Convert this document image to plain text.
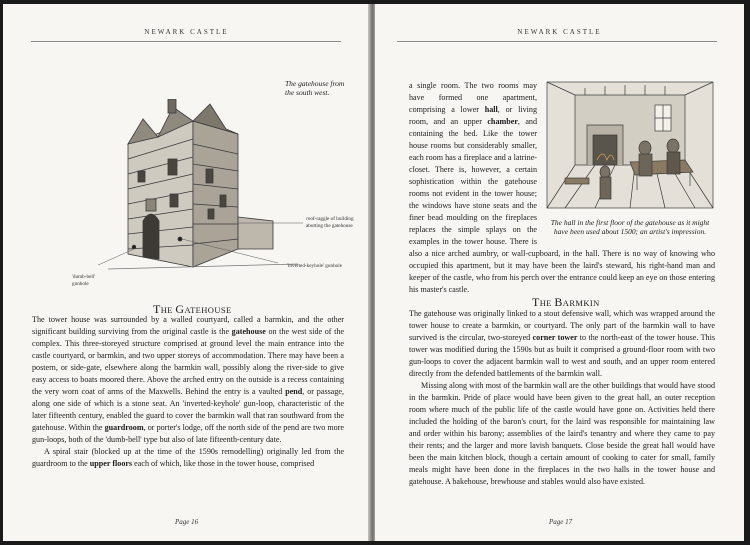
NEWARK CASTLE
The gatehouse from the south west.
roof-raggle of building abutting the gatehouse
'inverted-keyhole' gunhole
'dumb-bell' gunhole
THE GATEHOUSE

The tower house was surrounded by a walled courtyard, called a barmkin, and the other significant building surviving from the original castle is the gatehouse on the west side of the complex. This three-storeyed structure comprised at ground level the main entrance into the castle courtyard, or barmkin, and two upper storeys of accommodation. There may have been a postern, or side-gate, elsewhere along the barmkin wall, possibly along the river-side to give easy access to boats moored there. Above the arched entry on the outside is a recess containing the very worn coat of arms of the Maxwells. Behind the entry is a vaulted pend, or passage, along one side of which is a stone seat. An 'inverted-keyhole' gun-loop, characteristic of the later fifteenth century, enabled the guard to cover the barmkin wall that ran southward from the gatehouse. Within the guardroom, or porter's lodge, off the north side of the pend are two more gun-loops, both of the 'dumb-bell' type but also of late fifteenth-century date.

A spiral stair (blocked up at the time of the 1590s remodelling) originally led from the guardroom to the upper floors each of which, like those in the tower house, comprised

Page 16
NEWARK CASTLE
The hall in the first floor of the gatehouse as it might have been used about 1500; an artist's impression.

a single room. The two rooms may have formed one apartment, comprising a lower hall, or living room, and an upper chamber, and containing the bed. Like the tower house rooms but considerably smaller, each room has a fireplace and a latrine-closet. There is, however, a certain sophistication within the gatehouse rooms not evident in the tower house; the windows have stone seats and the finer bead moulding on the fireplaces replaces the simple splays on the examples in the tower house. There is also a nice arched aumbry, or wall-cupboard, in the hall. There is no way of knowing who occupied this apartment, but it may have been the laird's steward, his right-hand man and keeper of the castle, who from his perch over the entrance could keep an eye on those entering his master's castle.

THE BARMKIN

The gatehouse was originally linked to a stout defensive wall, which was wrapped around the tower house to create a barmkin, or courtyard. The only part of the barmkin wall to have survived is the circular, two-storeyed corner tower to the north-east of the tower house. This tower was modified during the 1590s but as built it comprised a ground-floor room with two gun-loops to cover the adjacent barmkin wall to west and south, and an upper room entered directly from the defended battlements of the barmkin wall.

Missing along with most of the barmkin wall are the other buildings that would have stood in the barmkin. Pride of place would have been given to the great hall, an outer reception room where much of the public life of the castle would have gone on. Activities held there included the holding of the baron's court, for the laird was responsible for maintaining law and order within his barony; assemblies of the laird's tenantry and where they came to pay their rents; and the larger and more lavish banquets. Close beside the great hall would have been the main kitchen block, though a certain amount of cooking to cater for small, family meals might have been done in the fireplaces in the two halls in the tower house and gatehouse. A bakehouse, brewhouse and stables would also have existed.

Page 17
